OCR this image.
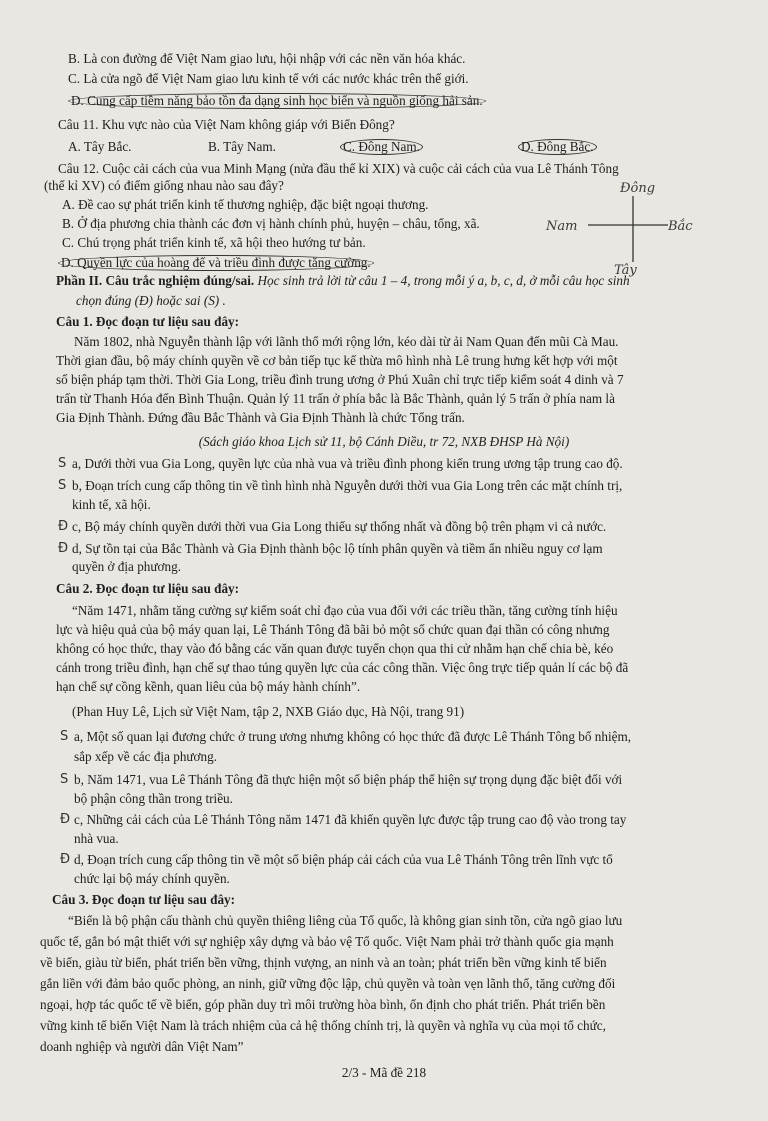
B. Là con đường để Việt Nam giao lưu, hội nhập với các nền văn hóa khác.
C. Là cửa ngõ để Việt Nam giao lưu kinh tế với các nước khác trên thế giới.
D. Cung cấp tiềm năng bảo tồn đa dạng sinh học biển và nguồn giống hải sản.
Câu 11. Khu vực nào của Việt Nam không giáp với Biển Đông?
A. Tây Bắc.	B. Tây Nam.	C. Đông Nam.	D. Đông Bắc.
Câu 12. Cuộc cải cách của vua Minh Mạng (nửa đầu thế kỉ XIX) và cuộc cải cách của vua Lê Thánh Tông
(thế kỉ XV) có điểm giống nhau nào sau đây?
A. Đề cao sự phát triển kinh tế thương nghiệp, đặc biệt ngoại thương.
B. Ở địa phương chia thành các đơn vị hành chính phủ, huyện – châu, tổng, xã.
C. Chú trọng phát triển kinh tế, xã hội theo hướng tư bản.
D. Quyền lực của hoàng đế và triều đình được tăng cường.
Đông
Nam	Bắc
Tây
Phần II. Câu trắc nghiệm đúng/sai. Học sinh trả lời từ câu 1 – 4, trong mỗi ý a, b, c, d, ở mỗi câu học sinh
chọn đúng (Đ) hoặc sai (S) .
Câu 1. Đọc đoạn tư liệu sau đây:
Năm 1802, nhà Nguyễn thành lập với lãnh thổ mới rộng lớn, kéo dài từ ải Nam Quan đến mũi Cà Mau.
Thời gian đầu, bộ máy chính quyền về cơ bản tiếp tục kế thừa mô hình nhà Lê trung hưng kết hợp với một
số biện pháp tạm thời. Thời Gia Long, triều đình trung ương ở Phú Xuân chỉ trực tiếp kiểm soát 4 dinh và 7
trấn từ Thanh Hóa đến Bình Thuận. Quản lý 11 trấn ở phía bắc là Bắc Thành, quản lý 5 trấn ở phía nam là
Gia Định Thành. Đứng đầu Bắc Thành và Gia Định Thành là chức Tổng trấn.
(Sách giáo khoa Lịch sử 11, bộ Cánh Diều, tr 72, NXB ĐHSP Hà Nội)
S a, Dưới thời vua Gia Long, quyền lực của nhà vua và triều đình phong kiến trung ương tập trung cao độ.
S b, Đoạn trích cung cấp thông tin về tình hình nhà Nguyễn dưới thời vua Gia Long trên các mặt chính trị,
kinh tế, xã hội.
Đ c, Bộ máy chính quyền dưới thời vua Gia Long thiếu sự thống nhất và đồng bộ trên phạm vi cả nước.
Đ d, Sự tồn tại của Bắc Thành và Gia Định thành bộc lộ tính phân quyền và tiềm ẩn nhiều nguy cơ lạm
quyền ở địa phương.
Câu 2. Đọc đoạn tư liệu sau đây:
“Năm 1471, nhằm tăng cường sự kiểm soát chỉ đạo của vua đối với các triều thần, tăng cường tính hiệu
lực và hiệu quả của bộ máy quan lại, Lê Thánh Tông đã bãi bỏ một số chức quan đại thần có công nhưng
không có học thức, thay vào đó bằng các văn quan được tuyển chọn qua thi cử nhằm hạn chế chia bè, kéo
cánh trong triều đình, hạn chế sự thao túng quyền lực của các công thần. Việc ông trực tiếp quản lí các bộ đã
hạn chế sự cồng kềnh, quan liêu của bộ máy hành chính”.
(Phan Huy Lê, Lịch sử Việt Nam, tập 2, NXB Giáo dục, Hà Nội, trang 91)
S a, Một số quan lại đương chức ở trung ương nhưng không có học thức đã được Lê Thánh Tông bổ nhiệm,
sắp xếp về các địa phương.
S b, Năm 1471, vua Lê Thánh Tông đã thực hiện một số biện pháp thể hiện sự trọng dụng đặc biệt đối với
bộ phận công thần trong triều.
Đ c, Những cải cách của Lê Thánh Tông năm 1471 đã khiến quyền lực được tập trung cao độ vào trong tay
nhà vua.
Đ d, Đoạn trích cung cấp thông tin về một số biện pháp cải cách của vua Lê Thánh Tông trên lĩnh vực tổ
chức lại bộ máy chính quyền.
Câu 3. Đọc đoạn tư liệu sau đây:
“Biển là bộ phận cấu thành chủ quyền thiêng liêng của Tổ quốc, là không gian sinh tồn, cửa ngõ giao lưu
quốc tế, gắn bó mật thiết với sự nghiệp xây dựng và bảo vệ Tổ quốc. Việt Nam phải trở thành quốc gia mạnh
về biển, giàu từ biển, phát triển bền vững, thịnh vượng, an ninh và an toàn; phát triển bền vững kinh tế biển
gắn liền với đảm bảo quốc phòng, an ninh, giữ vững độc lập, chủ quyền và toàn vẹn lãnh thổ, tăng cường đối
ngoại, hợp tác quốc tế về biển, góp phần duy trì môi trường hòa bình, ổn định cho phát triển. Phát triển bền
vững kinh tế biển Việt Nam là trách nhiệm của cả hệ thống chính trị, là quyền và nghĩa vụ của mọi tổ chức,
doanh nghiệp và người dân Việt Nam”
2/3 - Mã đề 218
